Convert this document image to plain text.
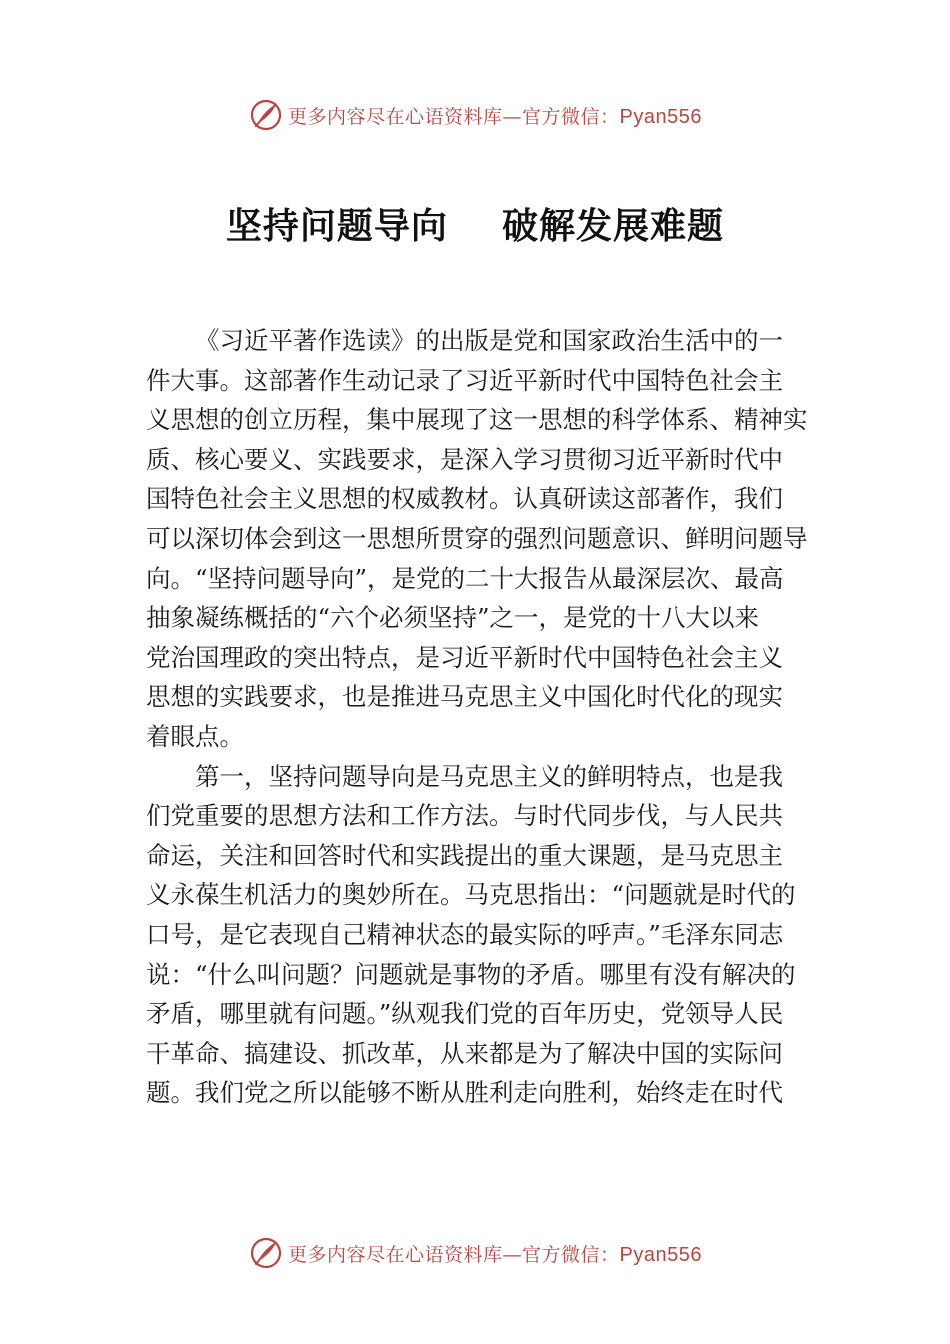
更多内容尽在心语资料库—官方微信：Pyan556
坚持问题导向    破解发展难题
《习近平著作选读》的出版是党和国家政治生活中的一
件大事。这部著作生动记录了习近平新时代中国特色社会主
义思想的创立历程，集中展现了这一思想的科学体系、精神实
质、核心要义、实践要求，是深入学习贯彻习近平新时代中
国特色社会主义思想的权威教材。认真研读这部著作，我们
可以深切体会到这一思想所贯穿的强烈问题意识、鲜明问题导
向。“坚持问题导向”，是党的二十大报告从最深层次、最高
抽象凝练概括的“六个必须坚持”之一，是党的十八大以来
党治国理政的突出特点，是习近平新时代中国特色社会主义
思想的实践要求，也是推进马克思主义中国化时代化的现实
着眼点。
第一，坚持问题导向是马克思主义的鲜明特点，也是我
们党重要的思想方法和工作方法。与时代同步伐，与人民共
命运，关注和回答时代和实践提出的重大课题，是马克思主
义永葆生机活力的奥妙所在。马克思指出：“问题就是时代的
口号，是它表现自己精神状态的最实际的呼声。”毛泽东同志
说：“什么叫问题？问题就是事物的矛盾。哪里有没有解决的
矛盾，哪里就有问题。”纵观我们党的百年历史，党领导人民
干革命、搞建设、抓改革，从来都是为了解决中国的实际问
题。我们党之所以能够不断从胜利走向胜利，始终走在时代
更多内容尽在心语资料库—官方微信：Pyan556
